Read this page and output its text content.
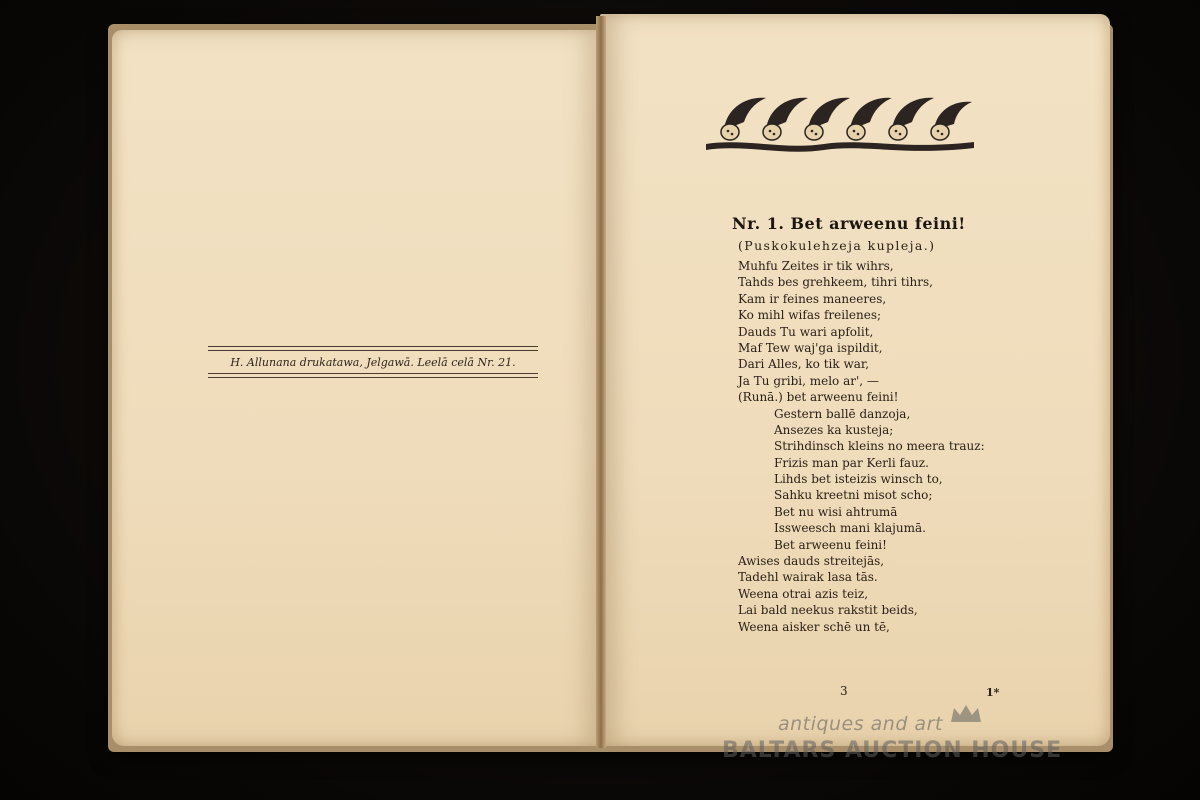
H. Allunana drukatawa, Jelgawā. Leelā celā Nr. 21.
Nr. 1. Bet arweenu feini!
(Puskokulehzeja kupleja.)
Muhfu Zeites ir tik wihrs,
Tahds bes grehkeem, tihri tihrs,
Kam ir feines maneeres,
Ko mihl wifas freilenes;
Dauds Tu wari apfolit,
Maf Tew waj'ga ispildit,
Dari Alles, ko tik war,
Ja Tu gribi, melo ar', —
(Runā.) bet arweenu feini!
Gestern ballē danzoja,
Ansezes ka kusteja;
Strihdinsch kleins no meera trauz:
Frizis man par Kerli fauz.
Lihds bet isteizis winsch to,
Sahku kreetni misot scho;
Bet nu wisi ahtrumā
Issweesch mani klajumā.
Bet arweenu feini!
Awises dauds streitejās,
Tadehl wairak lasa tās.
Weena otrai azis teiz,
Lai bald neekus rakstit beids,
Weena aisker schē un tē,
3	1*
antiques and art
BALTARS AUCTION HOUSE
